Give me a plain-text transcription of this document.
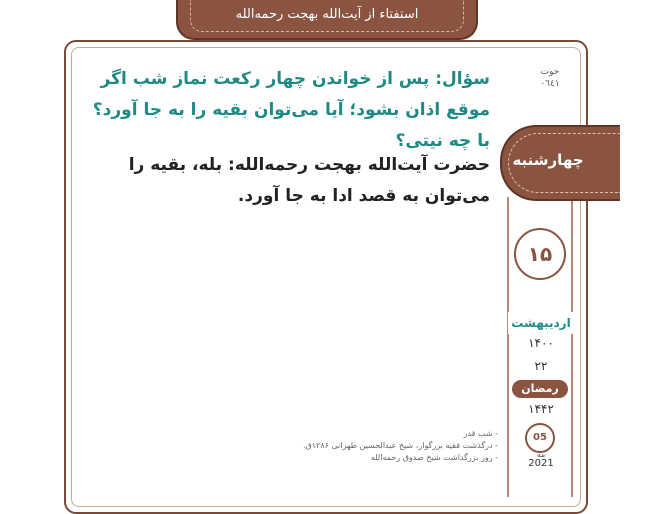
استفتاء از آیت‌الله بهجت رحمه‌الله
حوت
۰٦٤١
سؤال: پس از خواندن چهار رکعت نماز شب اگر موقع اذان بشود؛ آیا می‌توان بقیه را به جا آورد؟ با چه نیتی؟
حضرت آیت‌الله بهجت رحمه‌الله: بله، بقیه را می‌توان به قصد ادا به جا آورد.
چهارشنبه
۱۵
اردیبهشت
۱۴۰۰
۲۲
رمضان
۱۴۴۲
05
مه
2021
- شب قدر
- درگذشت فقیه بزرگوار، شیخ عبدالحسین طهرانی ۱۲۸۶ق.
- روز بزرگداشت شیخ صدوق رحمه‌الله
